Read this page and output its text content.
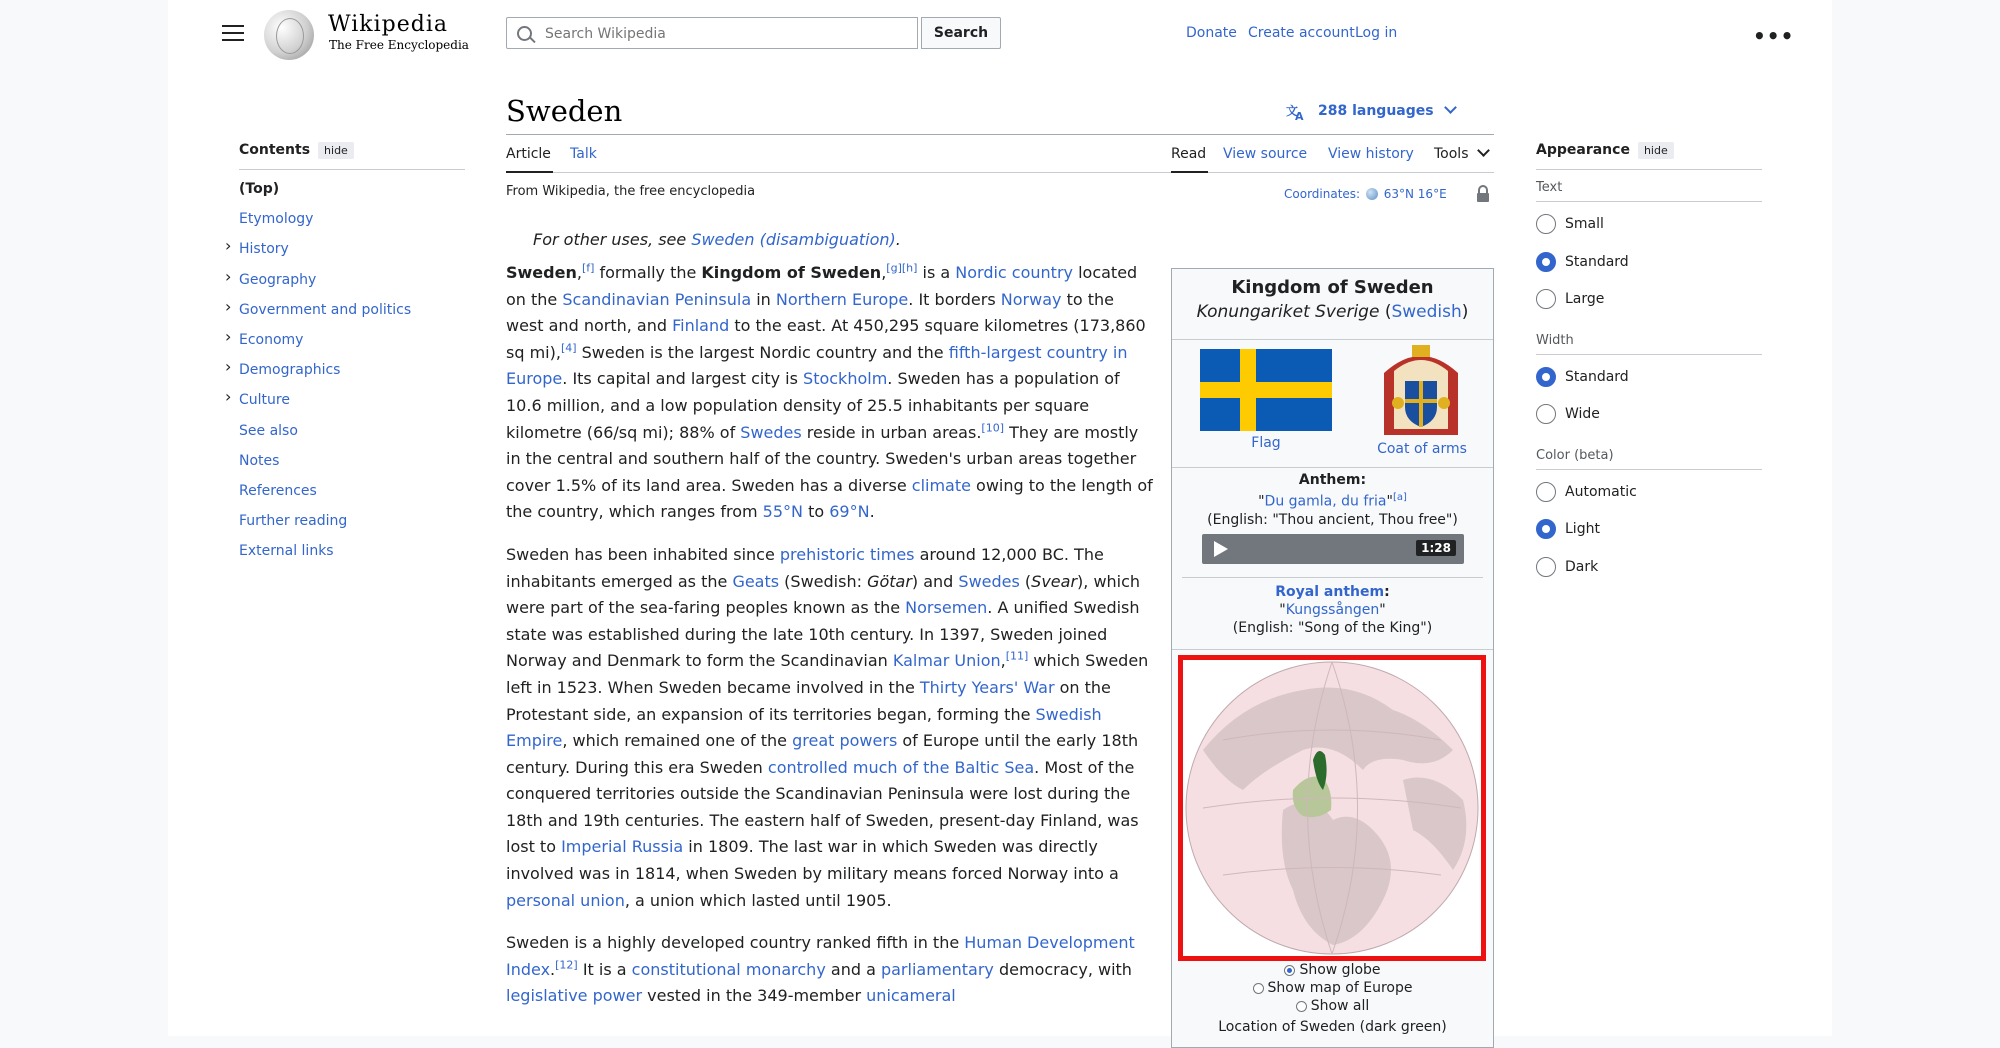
Wikipedia
The Free Encyclopedia
Search Wikipedia
Search	Donate Create account Log in	•••
Contents hide
(Top)
Etymology
› History
› Geography
› Government and politics
› Economy
› Demographics
› Culture
See also
Notes
References
Further reading
External links
Sweden	文
A 288 languages
Article Talk	Read View source View history Tools
From Wikipedia, the free encyclopedia	Coordinates: 63°N 16°E
For other uses, see Sweden (disambiguation).

Sweden,[f] formally the Kingdom of Sweden,[g][h] is a Nordic country located on the Scandinavian Peninsula in Northern Europe. It borders Norway to the west and north, and Finland to the east. At 450,295 square kilometres (173,860 sq mi),[4] Sweden is the largest Nordic country and the fifth-largest country in Europe. Its capital and largest city is Stockholm. Sweden has a population of 10.6 million, and a low population density of 25.5 inhabitants per square kilometre (66/sq mi); 88% of Swedes reside in urban areas.[10] They are mostly in the central and southern half of the country. Sweden's urban areas together cover 1.5% of its land area. Sweden has a diverse climate owing to the length of the country, which ranges from 55°N to 69°N.

Sweden has been inhabited since prehistoric times around 12,000 BC. The inhabitants emerged as the Geats (Swedish: Götar) and Swedes (Svear), which were part of the sea-faring peoples known as the Norsemen. A unified Swedish state was established during the late 10th century. In 1397, Sweden joined Norway and Denmark to form the Scandinavian Kalmar Union,[11] which Sweden left in 1523. When Sweden became involved in the Thirty Years' War on the Protestant side, an expansion of its territories began, forming the Swedish Empire, which remained one of the great powers of Europe until the early 18th century. During this era Sweden controlled much of the Baltic Sea. Most of the conquered territories outside the Scandinavian Peninsula were lost during the 18th and 19th centuries. The eastern half of Sweden, present-day Finland, was lost to Imperial Russia in 1809. The last war in which Sweden was directly involved was in 1814, when Sweden by military means forced Norway into a personal union, a union which lasted until 1905.

Sweden is a highly developed country ranked fifth in the Human Development Index.[12] It is a constitutional monarchy and a parliamentary democracy, with legislative power vested in the 349-member unicameral

Kingdom of Sweden
Konungariket Sverige (Swedish)
Flag	Coat of arms
Anthem:
"Du gamla, du fria"[a]
(English: "Thou ancient, Thou free")
1:28
Royal anthem:
"Kungssången"
(English: "Song of the King")
Show globe
Show map of Europe
Show all
Location of Sweden (dark green)
Appearance hide
Text
Small
Standard
Large
Width
Standard
Wide
Color (beta)
Automatic
Light
Dark
